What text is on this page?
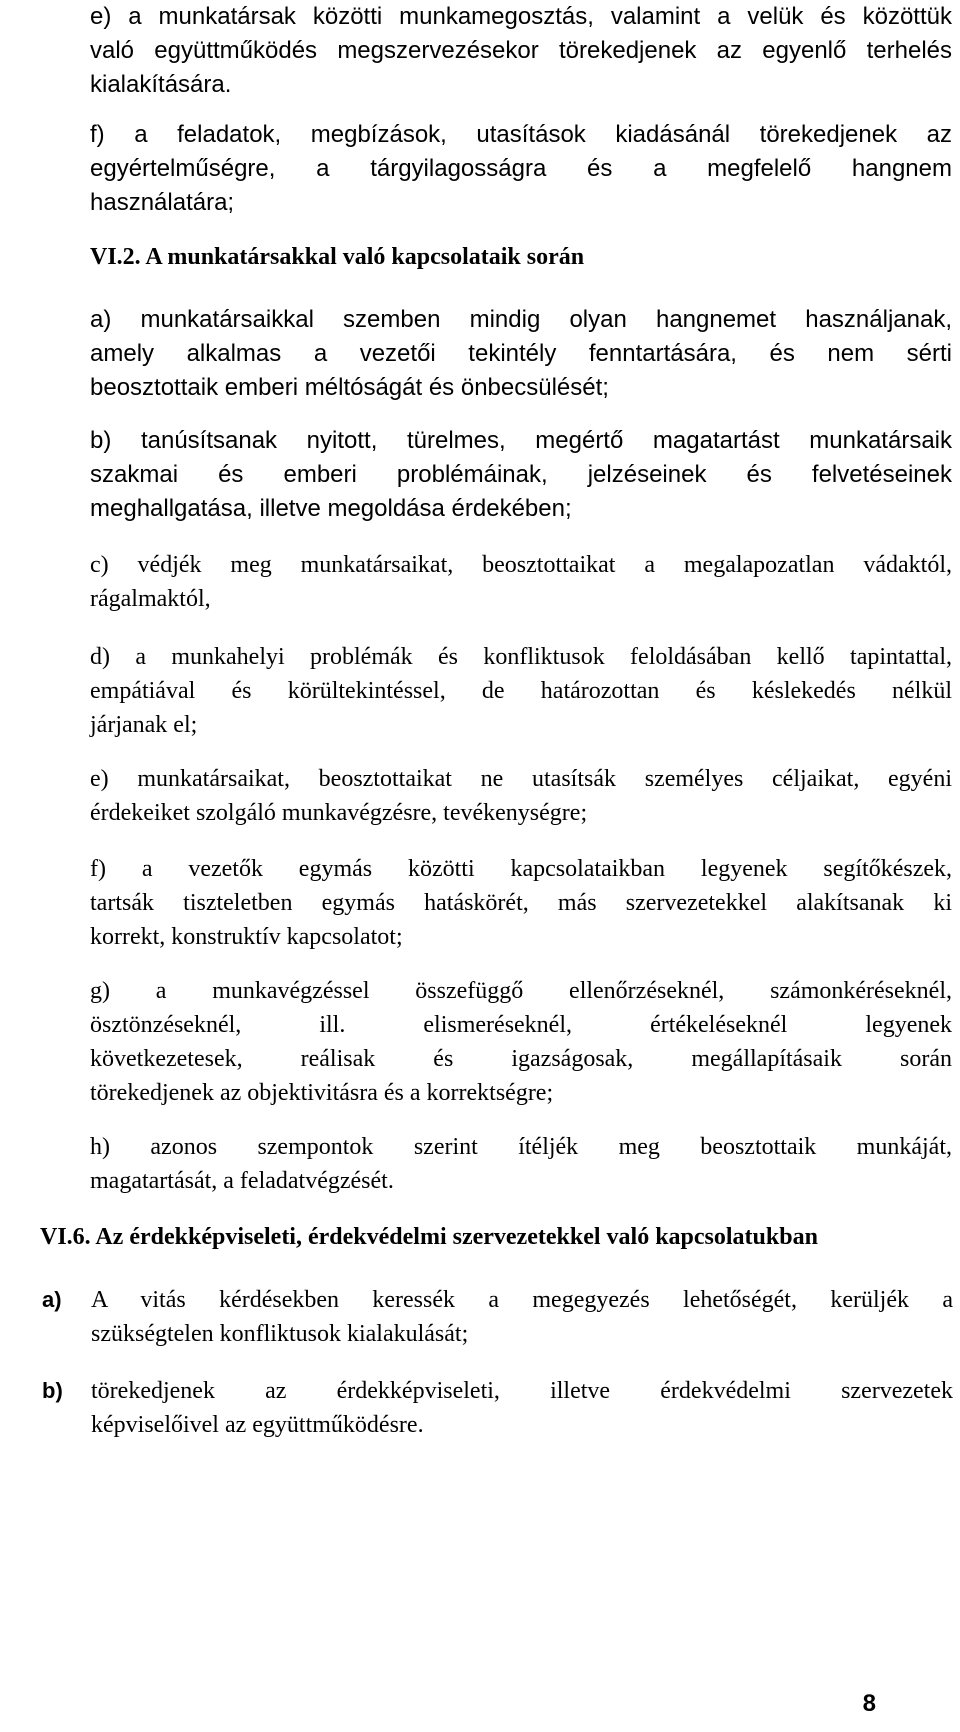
e) a munkatársak közötti munkamegosztás, valamint a velük és közöttük
való együttműködés megszervezésekor törekedjenek az egyenlő terhelés
kialakítására.
f) a feladatok, megbízások, utasítások kiadásánál törekedjenek az
egyértelműségre, a tárgyilagosságra és a megfelelő hangnem
használatára;
VI.2. A munkatársakkal való kapcsolataik során
a) munkatársaikkal szemben mindig olyan hangnemet használjanak,
amely alkalmas a vezetői tekintély fenntartására, és nem sérti
beosztottaik emberi méltóságát és önbecsülését;
b) tanúsítsanak nyitott, türelmes, megértő magatartást munkatársaik
szakmai és emberi problémáinak, jelzéseinek és felvetéseinek
meghallgatása, illetve megoldása érdekében;
c) védjék meg munkatársaikat, beosztottaikat a megalapozatlan vádaktól,
rágalmaktól,
d) a munkahelyi problémák és konfliktusok feloldásában kellő tapintattal,
empátiával és körültekintéssel, de határozottan és késlekedés nélkül
járjanak el;
e) munkatársaikat, beosztottaikat ne utasítsák személyes céljaikat, egyéni
érdekeiket szolgáló munkavégzésre, tevékenységre;
f) a vezetők egymás közötti kapcsolataikban legyenek segítőkészek,
tartsák tiszteletben egymás hatáskörét, más szervezetekkel alakítsanak ki
korrekt, konstruktív kapcsolatot;
g) a munkavégzéssel összefüggő ellenőrzéseknél, számonkéréseknél,
ösztönzéseknél, ill. elismeréseknél, értékeléseknél legyenek
következetesek, reálisak és igazságosak, megállapításaik során
törekedjenek az objektivitásra és a korrektségre;
h) azonos szempontok szerint ítéljék meg beosztottaik munkáját,
magatartását, a feladatvégzését.
VI.6. Az érdekképviseleti, érdekvédelmi szervezetekkel való kapcsolatukban
a) A vitás kérdésekben keressék a megegyezés lehetőségét, kerüljék a
szükségtelen konfliktusok kialakulását;
b) törekedjenek az érdekképviseleti, illetve érdekvédelmi szervezetek
képviselőivel az együttműködésre.
8
